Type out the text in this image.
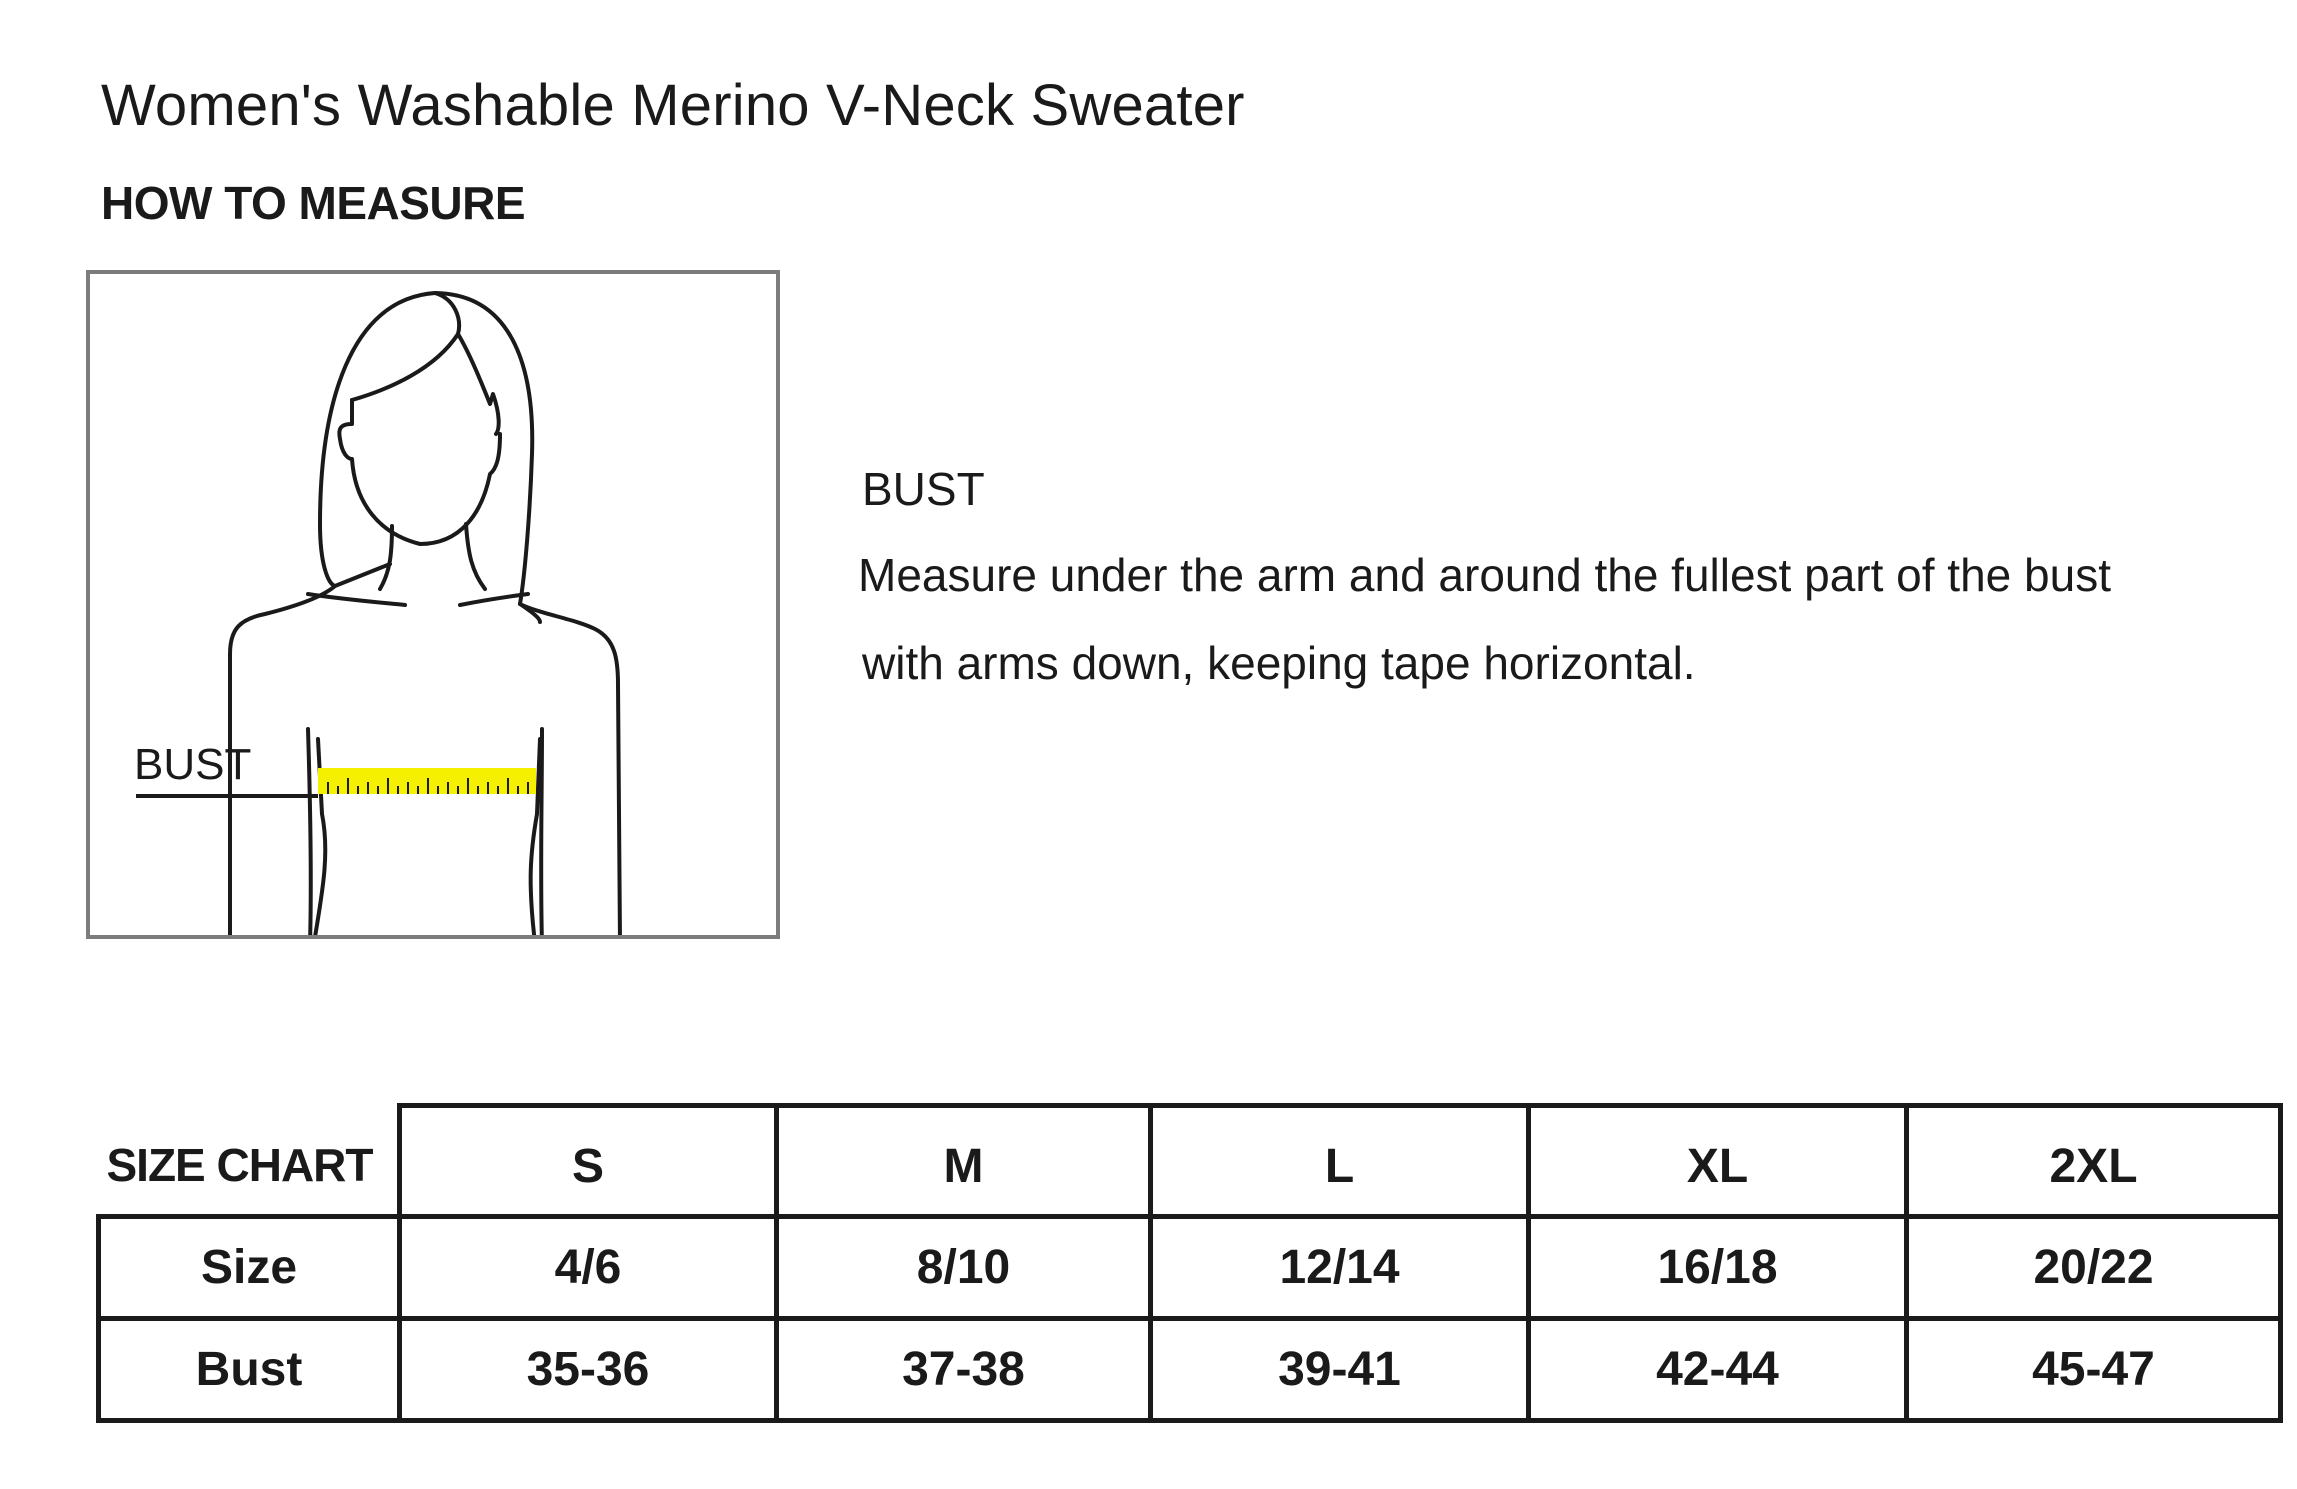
Women's Washable Merino V-Neck Sweater
HOW TO MEASURE
BUST

BUST

Measure under the arm and around the fullest part of the bust

with arms down, keeping tape horizontal.

SIZE CHART	S	M	L	XL	2XL
Size	4/6	8/10	12/14	16/18	20/22
Bust	35-36	37-38	39-41	42-44	45-47
